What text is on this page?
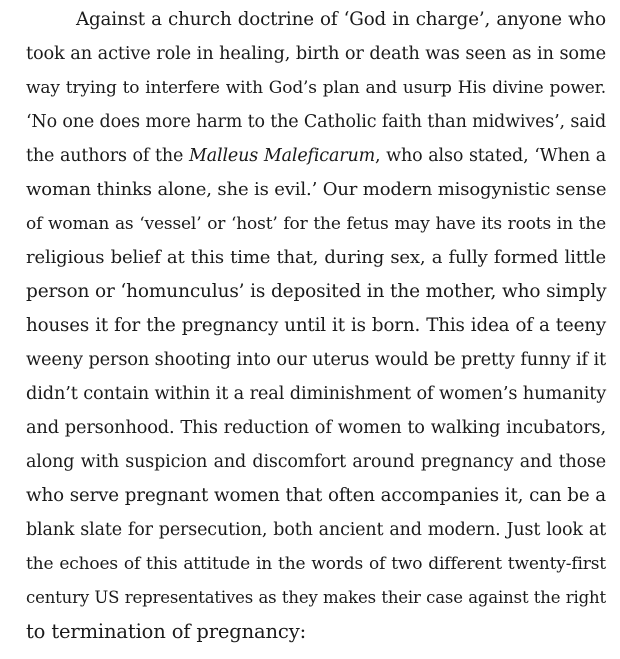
Against a church doctrine of ‘God in charge’, anyone who
took an active role in healing, birth or death was seen as in some
way trying to interfere with God’s plan and usurp His divine power.
‘No one does more harm to the Catholic faith than midwives’, said
the authors of the Malleus Maleficarum, who also stated, ‘When a
woman thinks alone, she is evil.’ Our modern misogynistic sense
of woman as ‘vessel’ or ‘host’ for the fetus may have its roots in the
religious belief at this time that, during sex, a fully formed little
person or ‘homunculus’ is deposited in the mother, who simply
houses it for the pregnancy until it is born. This idea of a teeny
weeny person shooting into our uterus would be pretty funny if it
didn’t contain within it a real diminishment of women’s humanity
and personhood. This reduction of women to walking incubators,
along with suspicion and discomfort around pregnancy and those
who serve pregnant women that often accompanies it, can be a
blank slate for persecution, both ancient and modern. Just look at
the echoes of this attitude in the words of two different twenty-first
century US representatives as they makes their case against the right
to termination of pregnancy:
